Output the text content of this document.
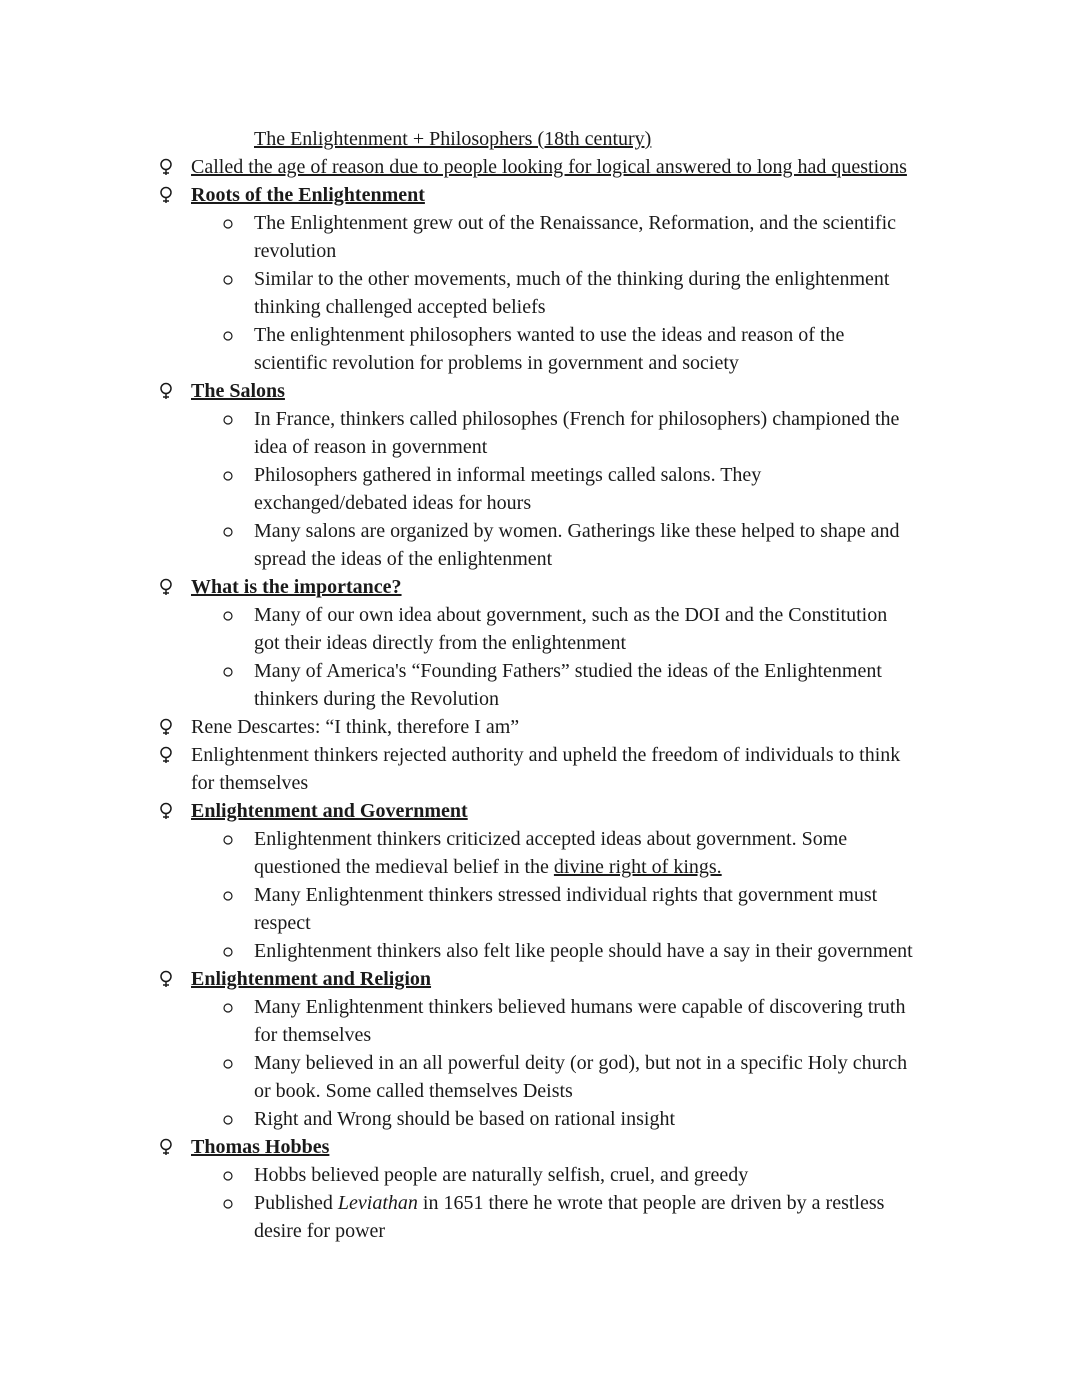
The Enlightenment + Philosophers (18th century)
Called the age of reason due to people looking for logical answered to long had questions
Roots of the Enlightenment
The Enlightenment grew out of the Renaissance, Reformation, and the scientific
revolution
Similar to the other movements, much of the thinking during the enlightenment
thinking challenged accepted beliefs
The enlightenment philosophers wanted to use the ideas and reason of the
scientific revolution for problems in government and society
The Salons
In France, thinkers called philosophes (French for philosophers) championed the
idea of reason in government
Philosophers gathered in informal meetings called salons. They
exchanged/debated ideas for hours
Many salons are organized by women. Gatherings like these helped to shape and
spread the ideas of the enlightenment
What is the importance?
Many of our own idea about government, such as the DOI and the Constitution
got their ideas directly from the enlightenment
Many of America's “Founding Fathers” studied the ideas of the Enlightenment
thinkers during the Revolution
Rene Descartes: “I think, therefore I am”
Enlightenment thinkers rejected authority and upheld the freedom of individuals to think
for themselves
Enlightenment and Government
Enlightenment thinkers criticized accepted ideas about government. Some
questioned the medieval belief in the divine right of kings.
Many Enlightenment thinkers stressed individual rights that government must
respect
Enlightenment thinkers also felt like people should have a say in their government
Enlightenment and Religion
Many Enlightenment thinkers believed humans were capable of discovering truth
for themselves
Many believed in an all powerful deity (or god), but not in a specific Holy church
or book. Some called themselves Deists
Right and Wrong should be based on rational insight
Thomas Hobbes
Hobbs believed people are naturally selfish, cruel, and greedy
Published Leviathan in 1651 there he wrote that people are driven by a restless
desire for power
